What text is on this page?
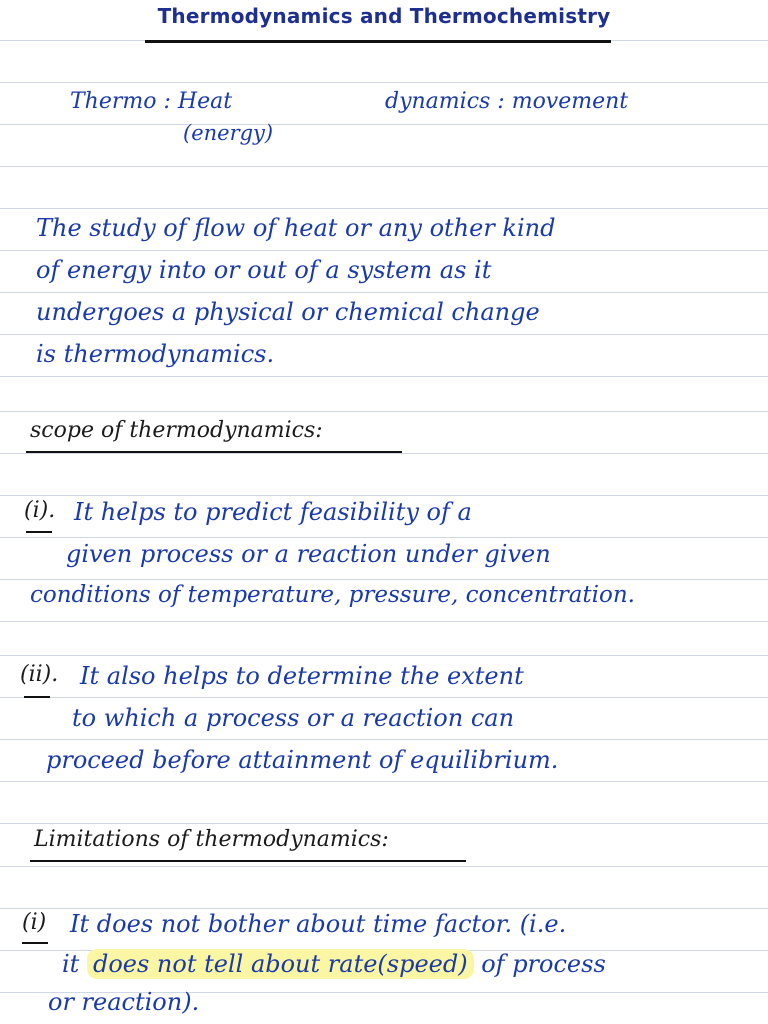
Thermodynamics and Thermochemistry
Thermo : Heat
(energy)
dynamics : movement
The study of flow of heat or any other kind
of energy into or out of a system as it
undergoes a physical or chemical change
is thermodynamics.
scope of thermodynamics:
(i). It helps to predict feasibility of a
given process or a reaction under given
conditions of temperature, pressure, concentration.
(ii). It also helps to determine the extent
to which a process or a reaction can
proceed before attainment of equilibrium.
Limitations of thermodynamics:
(i) It does not bother about time factor. (i.e.
it does not tell about rate(speed) of process
or reaction).
